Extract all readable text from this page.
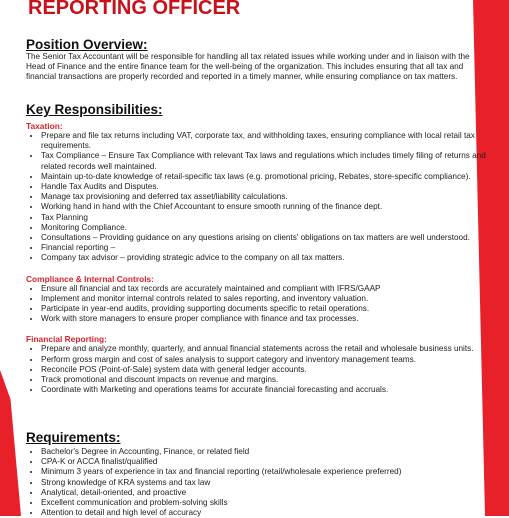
REPORTING OFFICER
Position Overview:

The Senior Tax Accountant will be responsible for handling all tax related issues while working under and in liaison with the Head of Finance and the entire finance team for the well-being of the organization. This includes ensuring that all tax and financial transactions are properly recorded and reported in a timely manner, while ensuring compliance on tax matters.

Key Responsibilities:
Taxation:
• Prepare and file tax returns including VAT, corporate tax, and withholding taxes, ensuring compliance with local retail tax requirements.
• Tax Compliance – Ensure Tax Compliance with relevant Tax laws and regulations which includes timely filing of returns and related records well maintained.
• Maintain up-to-date knowledge of retail-specific tax laws (e.g. promotional pricing, Rebates, store-specific compliance).
• Handle Tax Audits and Disputes.
• Manage tax provisioning and deferred tax asset/liability calculations.
• Working hand in hand with the Chief Accountant to ensure smooth running of the finance dept.
• Tax Planning
• Monitoring Compliance.
• Consultations – Providing guidance on any questions arising on clients' obligations on tax matters are well understood.
• Financial reporting –
• Company tax advisor – providing strategic advice to the company on all tax matters.
Compliance & Internal Controls:
• Ensure all financial and tax records are accurately maintained and compliant with IFRS/GAAP
• Implement and monitor internal controls related to sales reporting, and inventory valuation.
• Participate in year-end audits, providing supporting documents specific to retail operations.
• Work with store managers to ensure proper compliance with finance and tax processes.
Financial Reporting:
• Prepare and analyze monthly, quarterly, and annual financial statements across the retail and wholesale business units.
• Perform gross margin and cost of sales analysis to support category and inventory management teams.
• Reconcile POS (Point-of-Sale) system data with general ledger accounts.
• Track promotional and discount impacts on revenue and margins.
• Coordinate with Marketing and operations teams for accurate financial forecasting and accruals.
Requirements:
• Bachelor's Degree in Accounting, Finance, or related field
• CPA-K or ACCA finalist/qualified
• Minimum 3 years of experience in tax and financial reporting (retail/wholesale experience preferred)
• Strong knowledge of KRA systems and tax law
• Analytical, detail-oriented, and proactive
• Excellent communication and problem-solving skills
• Attention to detail and high level of accuracy
